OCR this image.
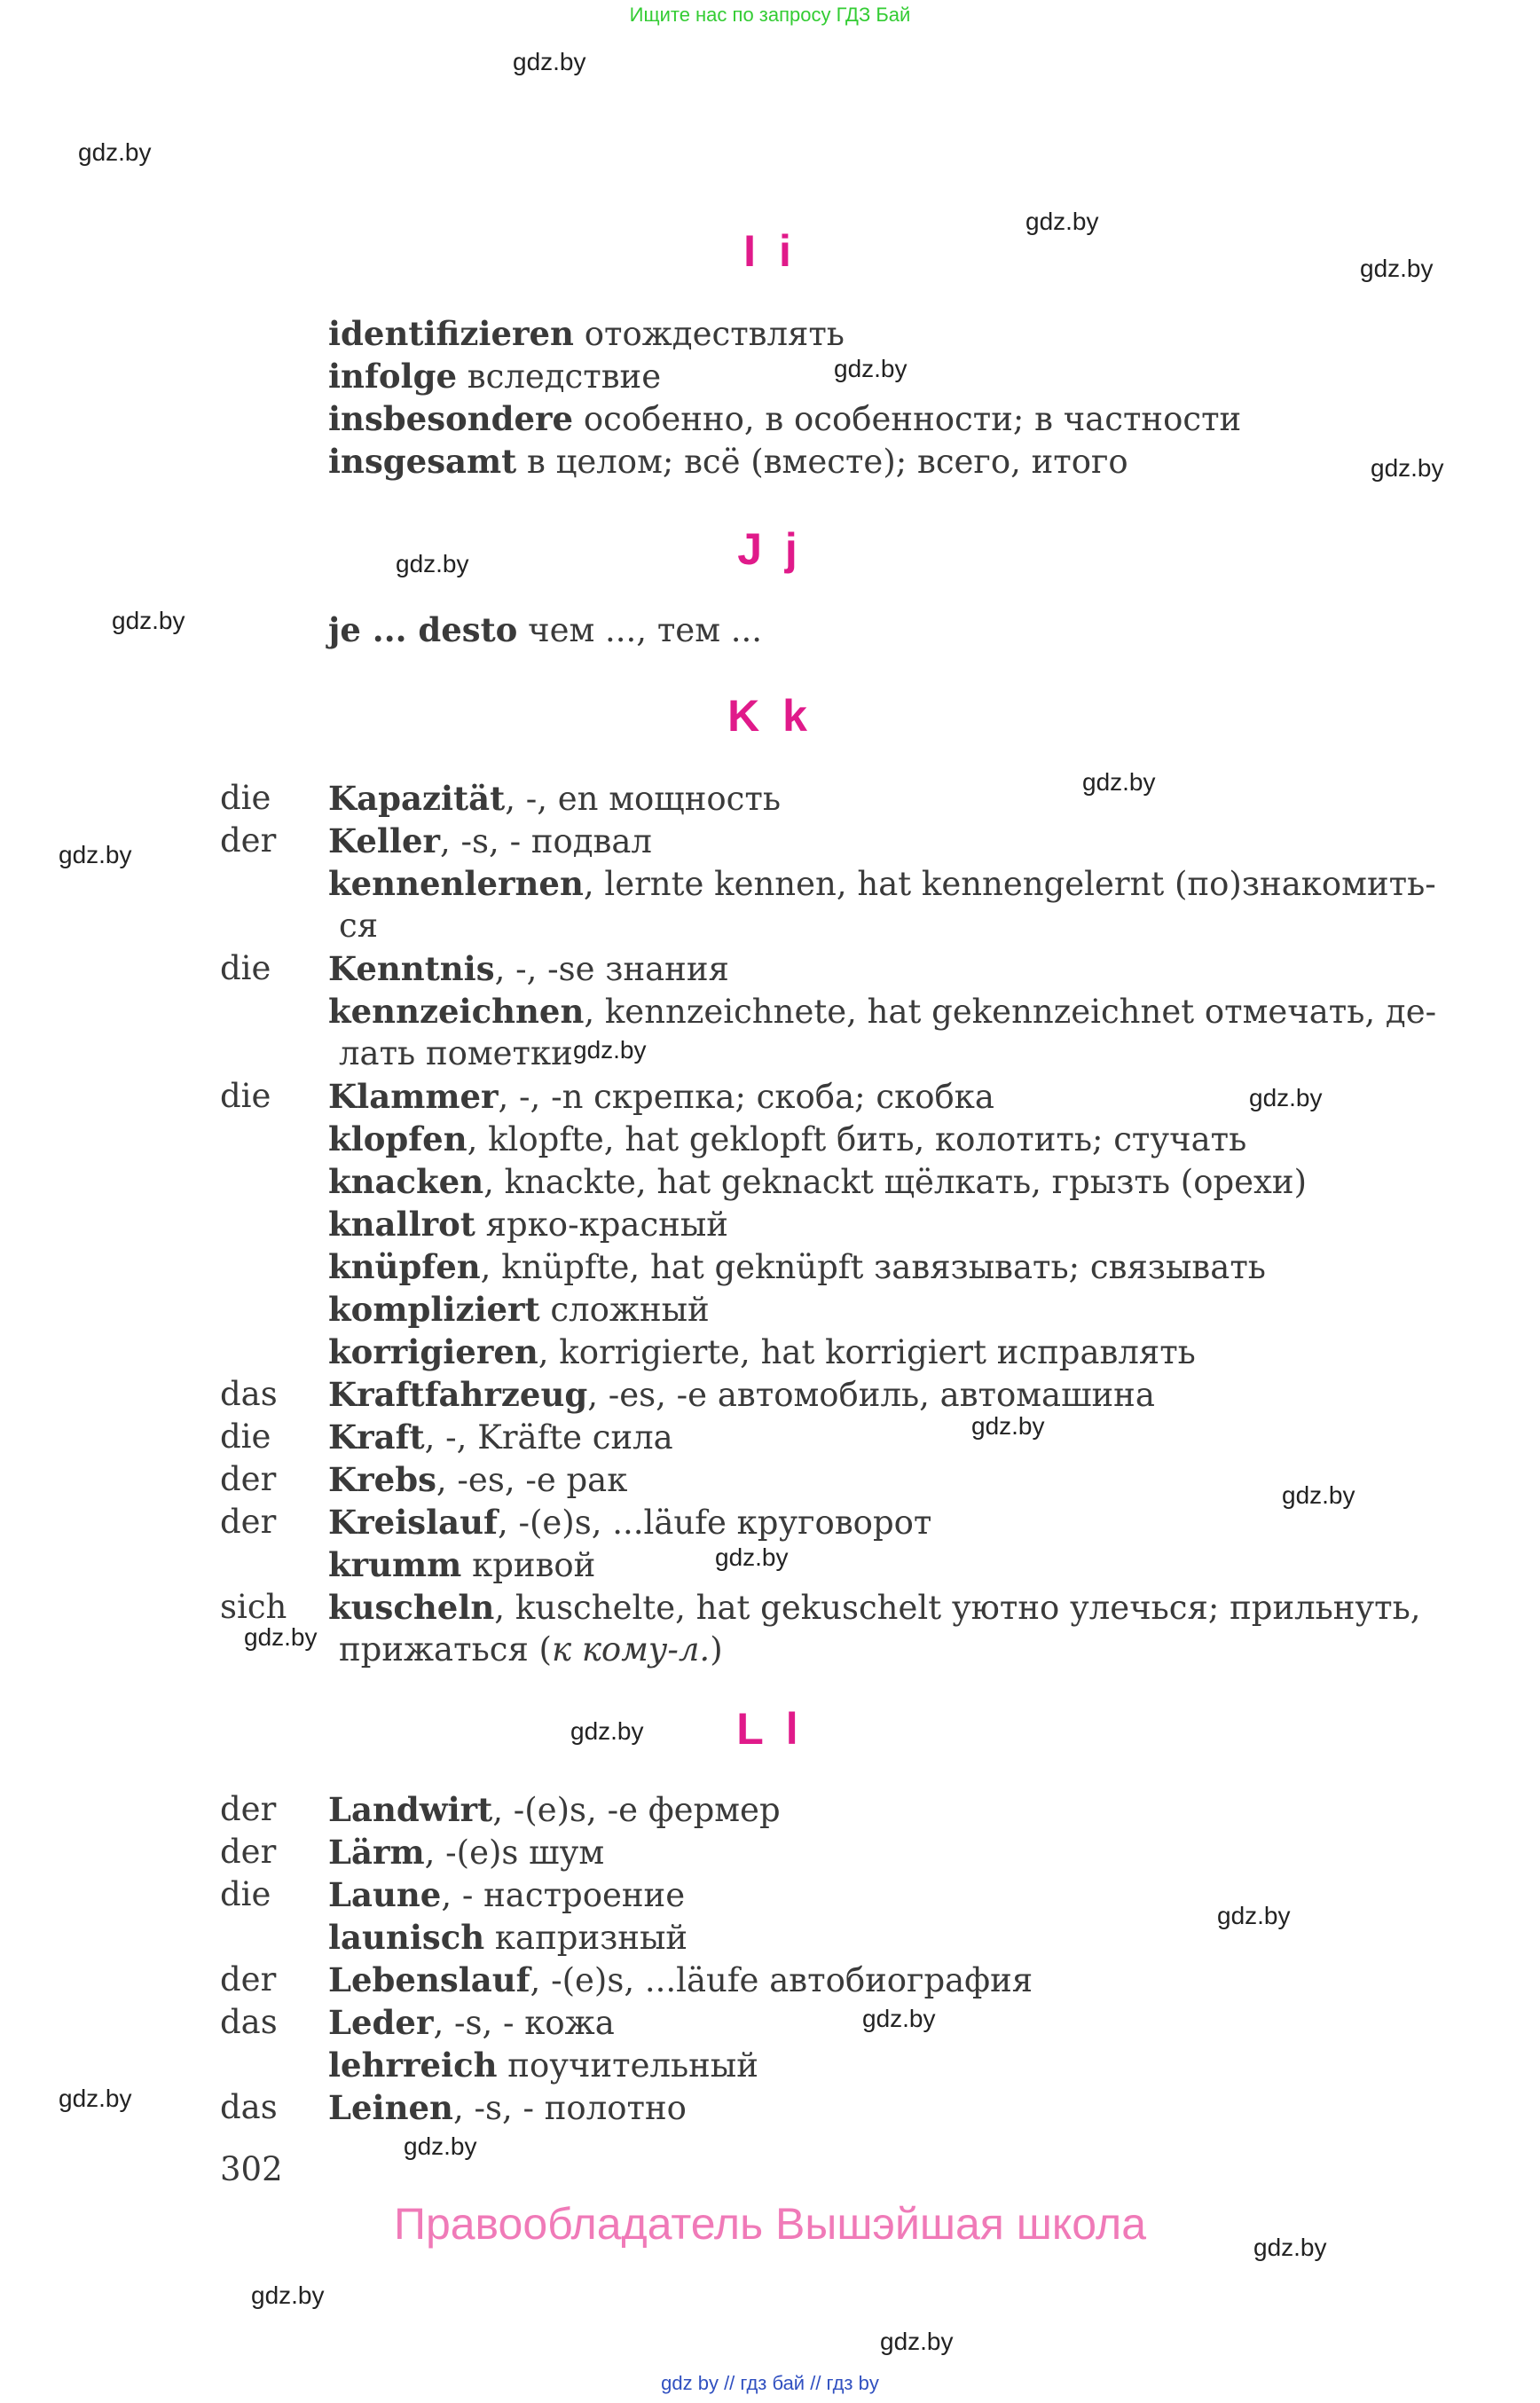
Ищите нас по запросу ГДЗ Бай
gdz.by
gdz.by
gdz.by
gdz.by
gdz.by
gdz.by
gdz.by
gdz.by
gdz.by
gdz.by
gdz.by
gdz.by
gdz.by
gdz.by
gdz.by
gdz.by
gdz.by
gdz.by
gdz.by
gdz.by
gdz.by
gdz.by
gdz.by
gdz.by
I i
identifizieren отождествлять
infolge вследствие
insbesondere особенно, в особенности; в частности
insgesamt в целом; всё (вместе); всего, итого
J j
je ... desto чем ..., тем ...
K k
die	Kapazität, -, en мощность
der	Keller, -s, - подвал
kennenlernen, lernte kennen, hat kennengelernt (по)знакомить-
ся
die	Kenntnis, -, -se знания
kennzeichnen, kennzeichnete, hat gekennzeichnet отмечать, де-
лать пометки
die	Klammer, -, -n скрепка; скоба; скобка
klopfen, klopfte, hat geklopft бить, колотить; стучать
knacken, knackte, hat geknackt щёлкать, грызть (орехи)
knallrot ярко-красный
knüpfen, knüpfte, hat geknüpft завязывать; связывать
kompliziert сложный
korrigieren, korrigierte, hat korrigiert исправлять
das	Kraftfahrzeug, -es, -e автомобиль, автомашина
die	Kraft, -, Kräfte сила
der	Krebs, -es, -e рак
der	Kreislauf, -(e)s, ...läufe круговорот
krumm кривой
sich	kuscheln, kuschelte, hat gekuschelt уютно улечься; прильнуть,
прижаться (к кому-л.)
L l
der	Landwirt, -(e)s, -e фермер
der	Lärm, -(e)s шум
die	Laune, - настроение
launisch капризный
der	Lebenslauf, -(e)s, ...läufe автобиография
das	Leder, -s, - кожа
lehrreich поучительный
das	Leinen, -s, - полотно
302
Правообладатель Вышэйшая школа
gdz by // гдз бай // гдз by
